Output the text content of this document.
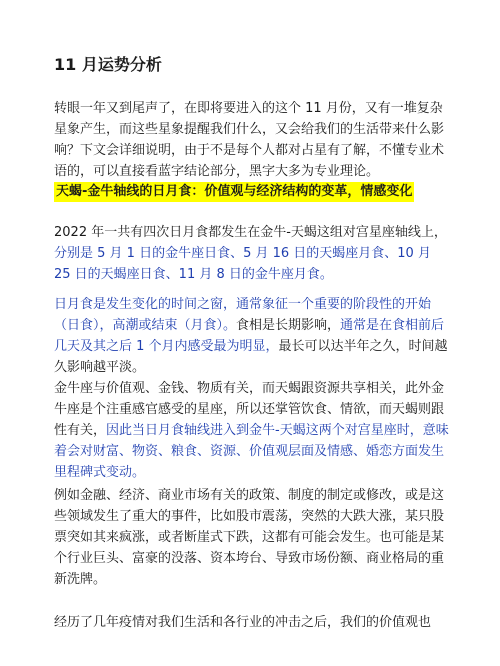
11 月运势分析
转眼一年又到尾声了，在即将要进入的这个 11 月份，又有一堆复杂星象产生，而这些星象提醒我们什么，又会给我们的生活带来什么影响？下文会详细说明，由于不是每个人都对占星有了解，不懂专业术语的，可以直接看蓝字结论部分，黑字大多为专业理论。
天蝎-金牛轴线的日月食：价值观与经济结构的变革，情感变化
2022 年一共有四次日月食都发生在金牛-天蝎这组对宫星座轴线上，分别是 5 月 1 日的金牛座日食、5 月 16 日的天蝎座月食、10 月 25 日的天蝎座日食、11 月 8 日的金牛座月食。
日月食是发生变化的时间之窗，通常象征一个重要的阶段性的开始（日食），高潮或结束（月食）。食相是长期影响，通常是在食相前后几天及其之后 1 个月内感受最为明显，最长可以达半年之久，时间越久影响越平淡。
金牛座与价值观、金钱、物质有关，而天蝎跟资源共享相关，此外金牛座是个注重感官感受的星座，所以还掌管饮食、情欲，而天蝎则跟性有关，因此当日月食轴线进入到金牛-天蝎这两个对宫星座时，意味着会对财富、物资、粮食、资源、价值观层面及情感、婚恋方面发生里程碑式变动。
例如金融、经济、商业市场有关的政策、制度的制定或修改，或是这些领域发生了重大的事件，比如股市震荡，突然的大跌大涨，某只股票突如其来疯涨，或者断崖式下跌，这都有可能会发生。也可能是某个行业巨头、富豪的没落、资本垮台、导致市场份额、商业格局的重新洗牌。
经历了几年疫情对我们生活和各行业的冲击之后，我们的价值观也
